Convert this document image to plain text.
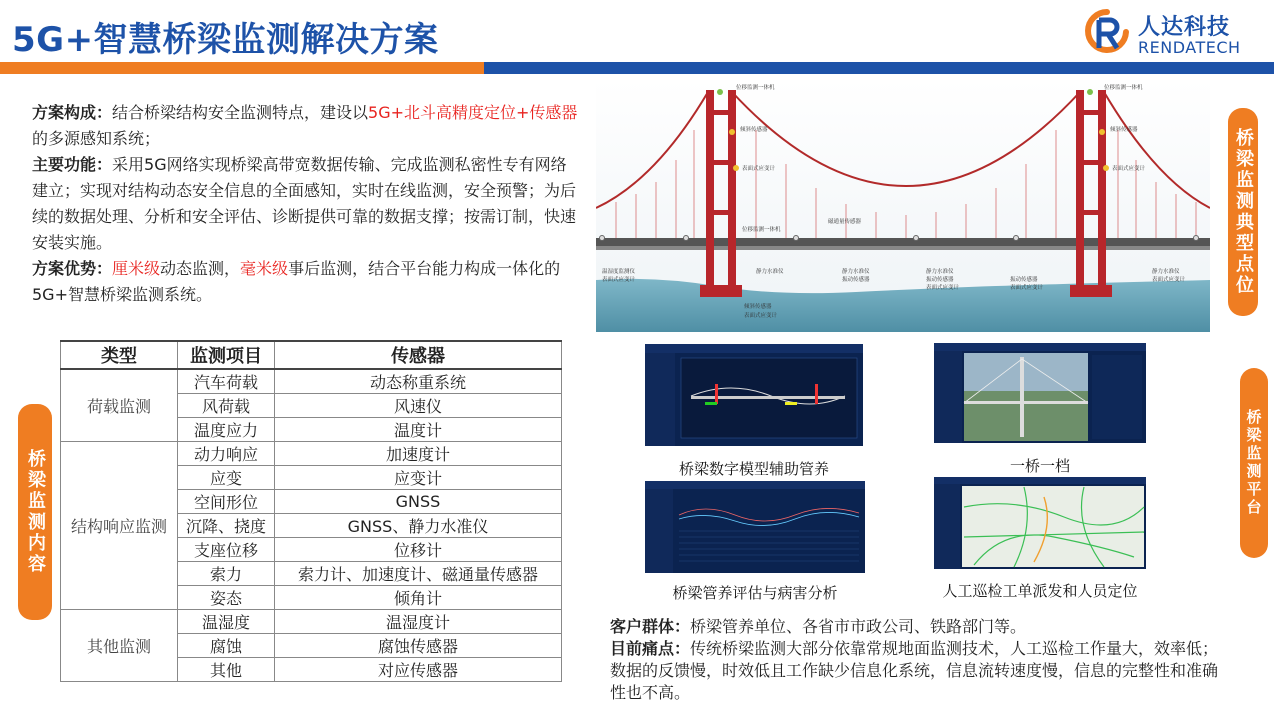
5G+智慧桥梁监测解决方案	人达科技
RENDATECH

方案构成：结合桥梁结构安全监测特点，建设以5G+北斗高精度定位+传感器的多源感知系统；

主要功能：采用5G网络实现桥梁高带宽数据传输、完成监测私密性专有网络建立；实现对结构动态安全信息的全面感知，实时在线监测，安全预警；为后续的数据处理、分析和安全评估、诊断提供可靠的数据支撑；按需订制，快速安装实施。

方案优势：厘米级动态监测，毫米级事后监测，结合平台能力构成一体化的5G+智慧桥梁监测系统。

桥梁监测内容
桥梁监测典型点位
桥梁监测平台
类型	监测项目	传感器
荷载监测	汽车荷载	动态称重系统
	风荷载	风速仪
	温度应力	温度计
结构响应监测	动力响应	加速度计
	应变	应变计
	空间形位	GNSS
	沉降、挠度	GNSS、静力水准仪
	支座位移	位移计
	索力	索力计、加速度计、磁通量传感器
	姿态	倾角计
其他监测	温湿度	温湿度计
	腐蚀	腐蚀传感器
	其他	对应传感器
位移监测一体机
倾斜传感器
表面式应变计
磁通量传感器
位移监测一体机
静力水准仪
温湿度监测仪
表面式应变计
倾斜传感器
振动传感器
表面式应变计
位移监测一体机
倾斜传感器
表面式应变计
静力水准仪
振动传感器
表面式应变计
静力水准仪
振动传感器
表面式应变计
静力水准仪
表面式应变计
桥梁数字模型辅助管养	一桥一档
桥梁管养评估与病害分析	人工巡检工单派发和人员定位
客户群体：桥梁管养单位、各省市市政公司、铁路部门等。
目前痛点：传统桥梁监测大部分依靠常规地面监测技术，人工巡检工作量大，效率低；数据的反馈慢，时效低且工作缺少信息化系统，信息流转速度慢，信息的完整性和准确性也不高。
